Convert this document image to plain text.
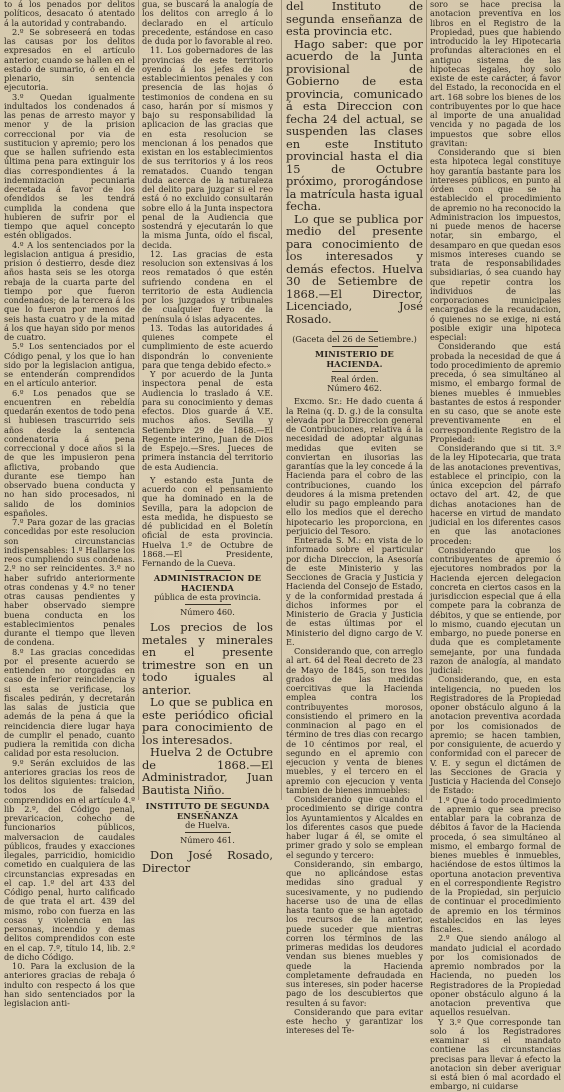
to á los penados por delitos políticos, desacato ó atentado á la autoridad y contrabando.

2.º Se sobreseerá en todas las causas por los delitos expresados en el artículo anterior, cuando se hallen en el estado de sumario, ó en el de plenario, sin sentencia ejecutoria.

3.º Quedan igualmente indultados los condenados á las penas de arresto mayor y menor y de la prision correccional por via de sustitucion y apremio; pero los que se hallen sufriendo esta última pena para extinguir los dias correspondientes á la indemnizacion pecuniaria decretada á favor de los ofendidos se les tendrá cumplida la condena que hubieren de sufrir por el tiempo que aquel concepto estén obligados.

4.º A los sentenciados por la legislacion antigua á presidio, prision ó destierro, desde diez años hasta seis se les otorga rebaja de la cuarta parte del tiempo por que fueron condenados; de la tercera á los que lo fueron por menos de seis hasta cuatro y de la mitad á los que hayan sido por menos de cuatro.

5.º Los sentenciados por el Código penal, y los que lo han sido por la legislacion antigua, se entenderán comprendidos en el artículo anterior.

6.º Los penados que se encuentren en rebeldía quedarán exentos de todo pena si hubiesen trascurrido seis años desde la sentencia condenatoria á pena correccional y doce años si la de que les impusieron pena aflictiva, probando que durante ese tiempo han observado buena conducta y no han sido procesados, ni salido de los dominios españoles.

7.º Para gozar de las gracias concedidas por este resolucion son circunstancias indispensables: 1.º Hallarse los reos cumpliendo sus condenas. 2.º no ser reincidentes. 3.º no haber sufrido anteriormente otras condenas y 4.º no tener otras causas pendientes y haber observado siempre buena conducta en los establecimientos penales durante el tiempo que lleven de condena.

8.º Las gracias concedidas por el presente acuerdo se entienden no otorgadas en caso de inferior reincidencia y si esta se verificase, los fiscales pedirán, y decretarán las salas de justicia que además de la pena á que la reincidencia diere lugar haya de cumplir el penado, cuanto pudiera la remitida con dicha calidad por esta resolucion.

9.º Serán excluidos de las anteriores gracias los reos de los delitos siguientes: traicion, todos los de falsedad comprendidos en el artículo 4.º lib 2.º, del Código penal, prevaricacion, cohecho de funcionarios públicos, malversacion de caudales públicos, fraudes y exacciones ilegales, parricidio, homicidio cometido en cualquiera de las circunstancias expresadas en el cap. 1.º del art 433 del Código penal, hurto calificado de que trata el art. 439 del mismo, robo con fuerza en las cosas y violencia en las personas, incendio y demas delitos comprendidos con este en el cap. 7.º, título 14, lib. 2.º de dicho Código.

10. Para la exclusion de la anteriores gracias de rebaja ó indulto con respecto á los que han sido sentenciados por la legislacion anti-

gua, se buscará la analogía de los delitos con arreglo á lo declarado en el artículo precedente, estándose en caso de duda por lo favorable al reo.

11. Los gobernadores de las provincias de este territorio oyendo á los jefes de los establecimientos penales y con presencia de las hojas ó testimonios de condena en su caso, harán por sí mismos y bajo su responsabilidad la aplicacion de las gracias que en esta resolucion se mencionan á los penados que existan en los establecimientos de sus territorios y á los reos rematados. Cuando tengan duda acerca de la naturaleza del delito para juzgar si el reo está ó no excluido consultarán sobre ello á la Junta inspectora penal de la Audiencia que sostendrá y ejecutarán lo que la misma Junta, oído el fiscal, decida.

12. Las gracias de esta resolucion son extensivas á los reos rematados ó que estén sufriendo condena en el territorio de esta Audiencia por los juzgados y tribunales de cualquier fuero de la península ó islas adyacentes.

13. Todas las autoridades á quienes compete el cumplimiento de este acuerdo dispondrán lo conveniente para que tenga debido efecto.»

Y por acuerdo de la Junta inspectora penal de esta Audiencia lo traslado á V.E. para su conocimiento y demas efectos. Dios guarde á V.E. muchos años. Sevilla y Setiembre 29 de 1868.—El Regente interino, Juan de Dios de Espejo.—Sres. Jueces de primera instancia del territorio de esta Audiencia.

Y estando esta Junta de acuerdo con el pensamiento que ha dominado en la de Sevilla, para la adopcion de esta medida, he dispuesto se dé publicidad en el Boletín oficial de esta provincia. Huelva 1.º de Octubre de 1868.—El Presidente, Fernando de la Cueva.

ADMINISTRACION DE HACIENDA

pública de esta provincia.

Número 460.

Los precios de los metales y minerales en el presente trimestre son en un todo iguales al anterior.

Lo que se publica en este periódico oficial para conocimiento de los interesados.

Huelva 2 de Octubre de 1868.—El Administrador, Juan Bautista Niño.

INSTITUTO DE SEGUNDA ENSEÑANZA

de Huelva.

Número 461.

Don José Rosado, Director

del Instituto de segunda enseñanza de esta provincia etc.

Hago saber: que por acuerdo de la Junta provisional de Gobierno de esta provincia, comunicado á esta Direccion con fecha 24 del actual, se suspenden las clases en este Instituto provincial hasta el dia 15 de Octubre próximo, prorogándose la matrícula hasta igual fecha.

Lo que se publica por medio del presente para conocimiento de los interesados y demás efectos. Huelva 30 de Setiembre de 1868.—El Director, Licenciado, José Rosado.

(Gaceta del 26 de Setiembre.)

MINISTERIO DE HACIENDA.

Real órden.

Número 462.

Excmo. Sr.: He dado cuenta á la Reina (q. D. g.) de la consulta elevada por la Direccion general de Contribuciones, relativa á la necesidad de adoptar algunas medidas que eviten se conviertan en ilusorias las garantías que la ley concede á la Hacienda para el cobro de las contribuciones, cuando los deudores á la misma pretenden eludir su pago empleando para ello los medios que el derecho hipotecario les proporciona, en perjuicio del Tesoro.

Enterada S. M.: en vista de lo informado sobre el particular por dicha Direccion, la Asesoría de este Ministerio y las Secciones de Gracia y Justicia y Hacienda del Consejo de Estado, y de la conformidad prestada á dichos informes por el Ministerio de Gracia y Justicia de estas últimas por el Ministerio del digno cargo de V. E.

Considerando que, con arreglo al art. 64 del Real decreto de 23 de Mayo de 1845, son tres los grados de las medidas coercitivas que la Hacienda emplea contra los contribuyentes morosos, consistiendo el primero en la conminacion al pago en el término de tres dias con recargo de 10 céntimos por real, el segundo en el apremio con ejecucion y venta de bienes muebles, y el tercero en el apremio con ejecucion y venta tambien de bienes inmuebles:

Considerando que cuando el procedimiento se dirige contra los Ayuntamientos y Alcaldes en los diferentes casos que puede haber lugar á él, se omite el primer grado y solo se emplean el segundo y tercero:

Considerando, sin embargo, que no aplicándose estas medidas sino gradual y sucesivamente, y no pudiendo hacerse uso de una de ellas hasta tanto que se han agotado los recursos de la anterior, puede suceder que mientras corren los términos de las primeras medidas los deudores vendan sus bienes muebles y quede la Hacienda completamente defraudada en sus intereses, sin poder hacerse pago de los descubiertos que resulten á su favor:

Considerando que para evitar este hecho y garantizar los intereses del Te-

soro se hace precisa la anotacion preventiva en los libros en el Registro de la Propiedad, pues que habiendo introducido la ley Hipotecaria profundas alteraciones en el antiguo sistema de las hipotecas legales, hoy solo existe de este carácter, á favor del Estado, la reconocida en el art. 168 sobre los bienes de los contribuyentes por lo que hace al importe de una anualidad vencida y no pagada de los impuestos que sobre ellos gravitan:

Considerando que si bien esta hipoteca legal constituye hoy garantía bastante para los intereses públicos, en punto al órden con que se ha establecido el procedimiento de apremio no ha reconocido la Administracion los impuestos, ni puede menos de hacerse notar, sin embargo, el desamparo en que quedan esos mismos intereses cuando se trata de responsabilidades subsidiarias, ó sea cuando hay que repetir contra los individuos de las corporaciones municipales encargadas de la recaudacion, ó quienes no se exige, ni está posible exigir una hipoteca especial:

Considerando que está probada la necesidad de que á todo procedimiento de apremio preceda, ó sea simultáneo al mismo, el embargo formal de bienes muebles é inmuebles bastantes de estos á responder en su caso, que se anote este preventivamente en el correspondiente Registro de la Propiedad:

Considerando que si tit. 3.º de la ley Hipotecaria, que trata de las anotaciones preventivas, establece el principio, con la única excepcion del párrafo octavo del art. 42, de que dichas anotaciones han de hacerse en virtud de mandato judicial en los diferentes casos en que las anotaciones proceden:

Considerando que los contribuyentes de apremio ó ejecutores nombrados por la Hacienda ejercen delegacion concreta en ciertos casos en la jurisdiccion especial que á ella compete para la cobranza de débitos, y que se entiende, por lo mismo, cuando ejecutan un embargo, no puede ponerse en duda que es completamente semejante, por una fundada razon de analogía, al mandato judicial:

Considerando, que, en esta inteligencia, no pueden los Registradores de la Propiedad oponer obstáculo alguno á la anotacion preventiva acordada por los comisionados de apremio; se hacen tambien, por consiguiente, de acuerdo y conformidad con el parecer de V. E. y segun el dictámen de las Secciones de Gracia y Justicia y Hacienda del Consejo de Estado:

1.º Que á todo procedimiento de apremio que sea preciso entablar para la cobranza de débitos á favor de la Hacienda proceda, ó sea simultáneo al mismo, el embargo formal de bienes muebles é inmuebles, haciéndose de estos últimos la oportuna anotacion preventiva en el correspondiente Registro de la Propiedad, sin perjuicio de continuar el procedimiento de apremio en los términos establecidos en las leyes fiscales.

2.º Que siendo análogo al mandato judicial el acordado por los comisionados de apremio nombrados por la Hacienda, no pueden los Registradores de la Propiedad oponer obstáculo alguno á la anotacion preventiva que aquellos resuelvan.

Y 3.º Que corresponde tan solo á los Registradores examinar si el mandato contiene las circunstancias precisas para llevar á efecto la anotacion sin deber averiguar si está bien ó mal acordado el embargo, ni cuidarse
